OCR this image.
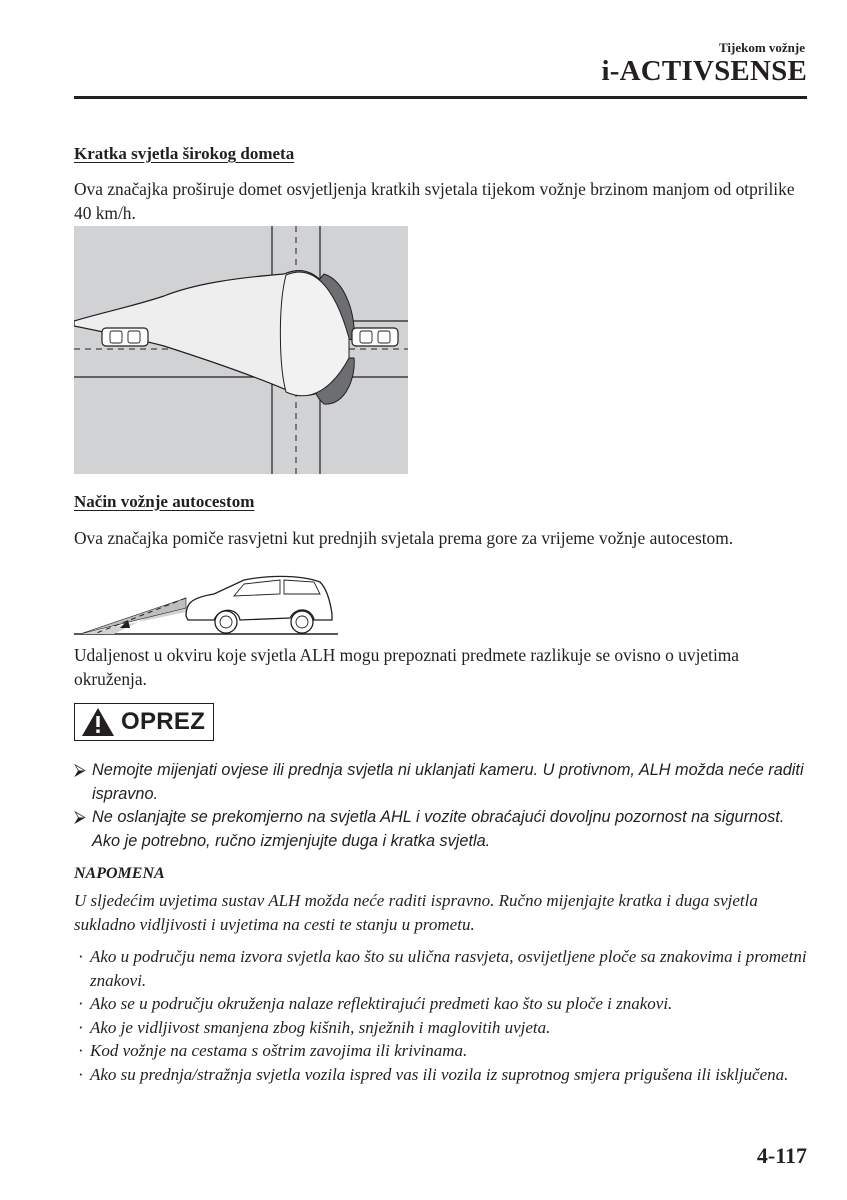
Tijekom vožnje
i-ACTIVSENSE
Kratka svjetla širokog dometa
Ova značajka proširuje domet osvjetljenja kratkih svjetala tijekom vožnje brzinom manjom od otprilike 40 km/h.
Način vožnje autocestom
Ova značajka pomiče rasvjetni kut prednjih svjetala prema gore za vrijeme vožnje autocestom.
Udaljenost u okviru koje svjetla ALH mogu prepoznati predmete razlikuje se ovisno o uvjetima okruženja.
OPREZ
⮚ Nemojte mijenjati ovjese ili prednja svjetla ni uklanjati kameru. U protivnom, ALH možda neće raditi ispravno.
⮚ Ne oslanjajte se prekomjerno na svjetla AHL i vozite obraćajući dovoljnu pozornost na sigurnost. Ako je potrebno, ručno izmjenjujte duga i kratka svjetla.
NAPOMENA
U sljedećim uvjetima sustav ALH možda neće raditi ispravno. Ručno mijenjajte kratka i duga svjetla sukladno vidljivosti i uvjetima na cesti te stanju u prometu.
· Ako u području nema izvora svjetla kao što su ulična rasvjeta, osvijetljene ploče sa znakovima i prometni znakovi.
· Ako se u području okruženja nalaze reflektirajući predmeti kao što su ploče i znakovi.
· Ako je vidljivost smanjena zbog kišnih, snježnih i maglovitih uvjeta.
· Kod vožnje na cestama s oštrim zavojima ili krivinama.
· Ako su prednja/stražnja svjetla vozila ispred vas ili vozila iz suprotnog smjera prigušena ili isključena.
4-117
